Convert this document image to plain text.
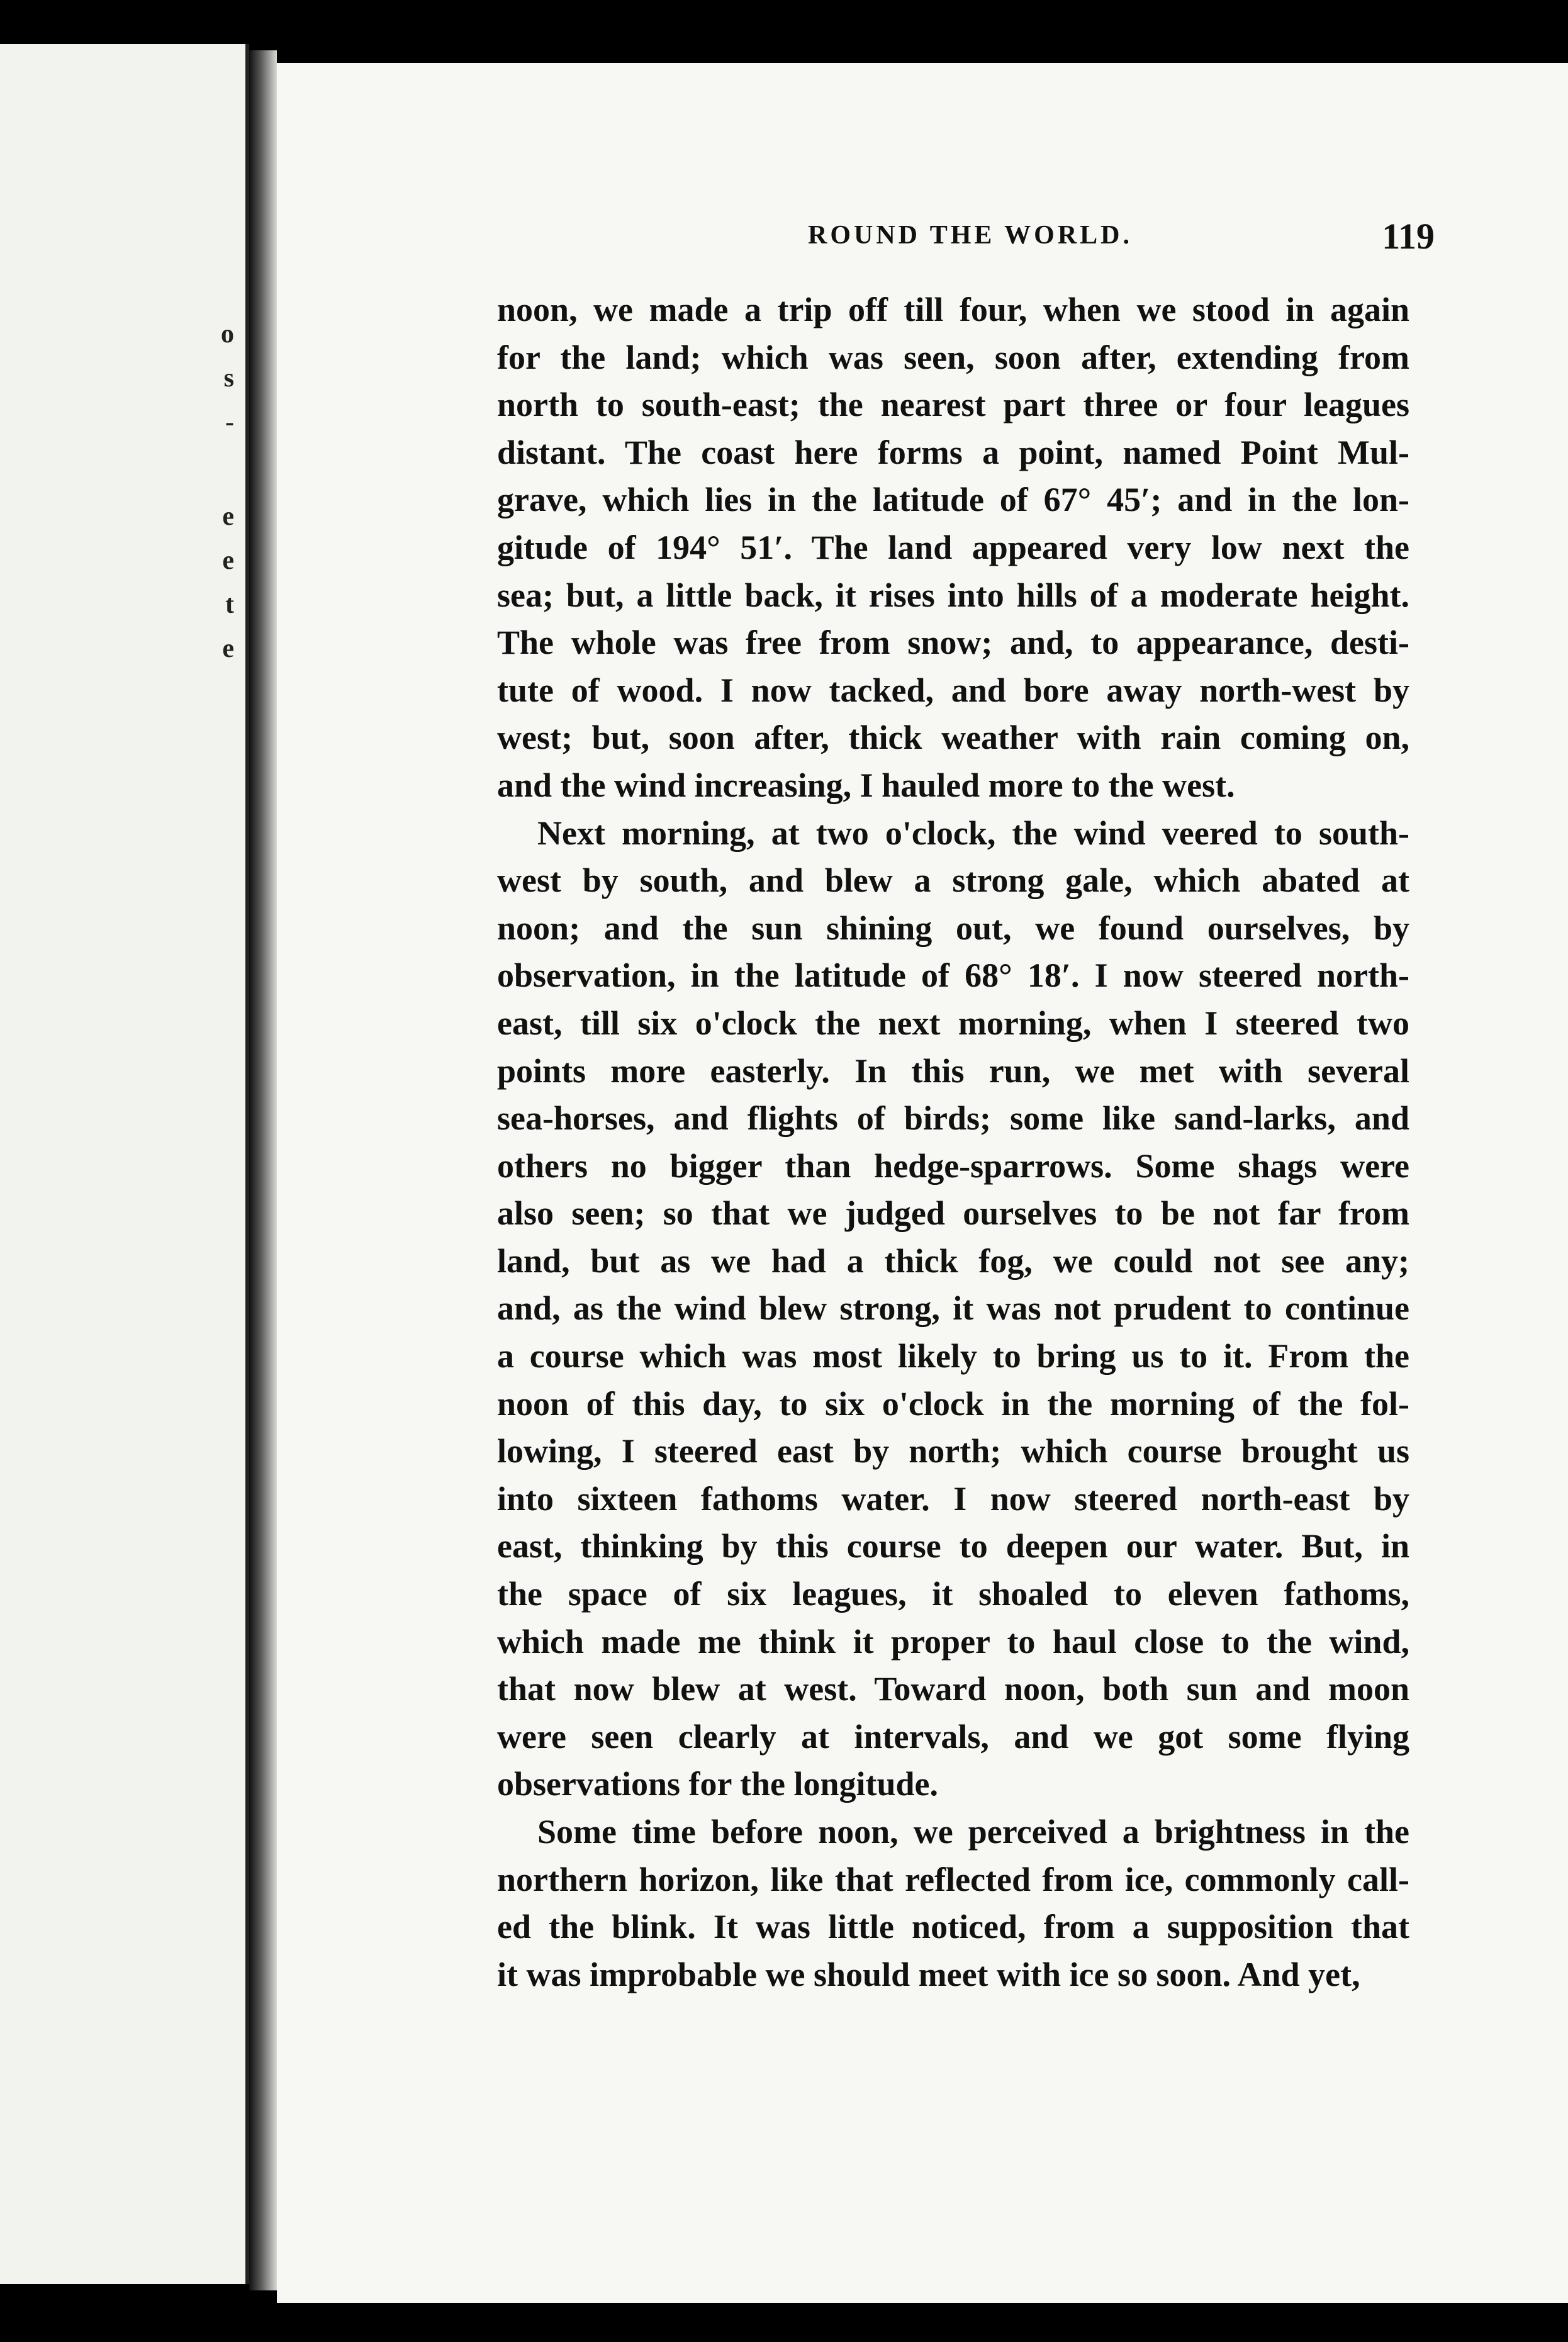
o
s
-
e
e
t
e
ROUND THE WORLD.	119
noon, we made a trip off till four, when we stood in again
for the land; which was seen, soon after, extending from
north to south-east; the nearest part three or four leagues
distant. The coast here forms a point, named Point Mul-
grave, which lies in the latitude of 67° 45′; and in the lon-
gitude of 194° 51′. The land appeared very low next the
sea; but, a little back, it rises into hills of a moderate height.
The whole was free from snow; and, to appearance, desti-
tute of wood. I now tacked, and bore away north-west by
west; but, soon after, thick weather with rain coming on,
and the wind increasing, I hauled more to the west.
Next morning, at two o'clock, the wind veered to south-
west by south, and blew a strong gale, which abated at
noon; and the sun shining out, we found ourselves, by
observation, in the latitude of 68° 18′. I now steered north-
east, till six o'clock the next morning, when I steered two
points more easterly. In this run, we met with several
sea-horses, and flights of birds; some like sand-larks, and
others no bigger than hedge-sparrows. Some shags were
also seen; so that we judged ourselves to be not far from
land, but as we had a thick fog, we could not see any;
and, as the wind blew strong, it was not prudent to continue
a course which was most likely to bring us to it. From the
noon of this day, to six o'clock in the morning of the fol-
lowing, I steered east by north; which course brought us
into sixteen fathoms water. I now steered north-east by
east, thinking by this course to deepen our water. But, in
the space of six leagues, it shoaled to eleven fathoms,
which made me think it proper to haul close to the wind,
that now blew at west. Toward noon, both sun and moon
were seen clearly at intervals, and we got some flying
observations for the longitude.
Some time before noon, we perceived a brightness in the
northern horizon, like that reflected from ice, commonly call-
ed the blink. It was little noticed, from a supposition that
it was improbable we should meet with ice so soon. And yet,
